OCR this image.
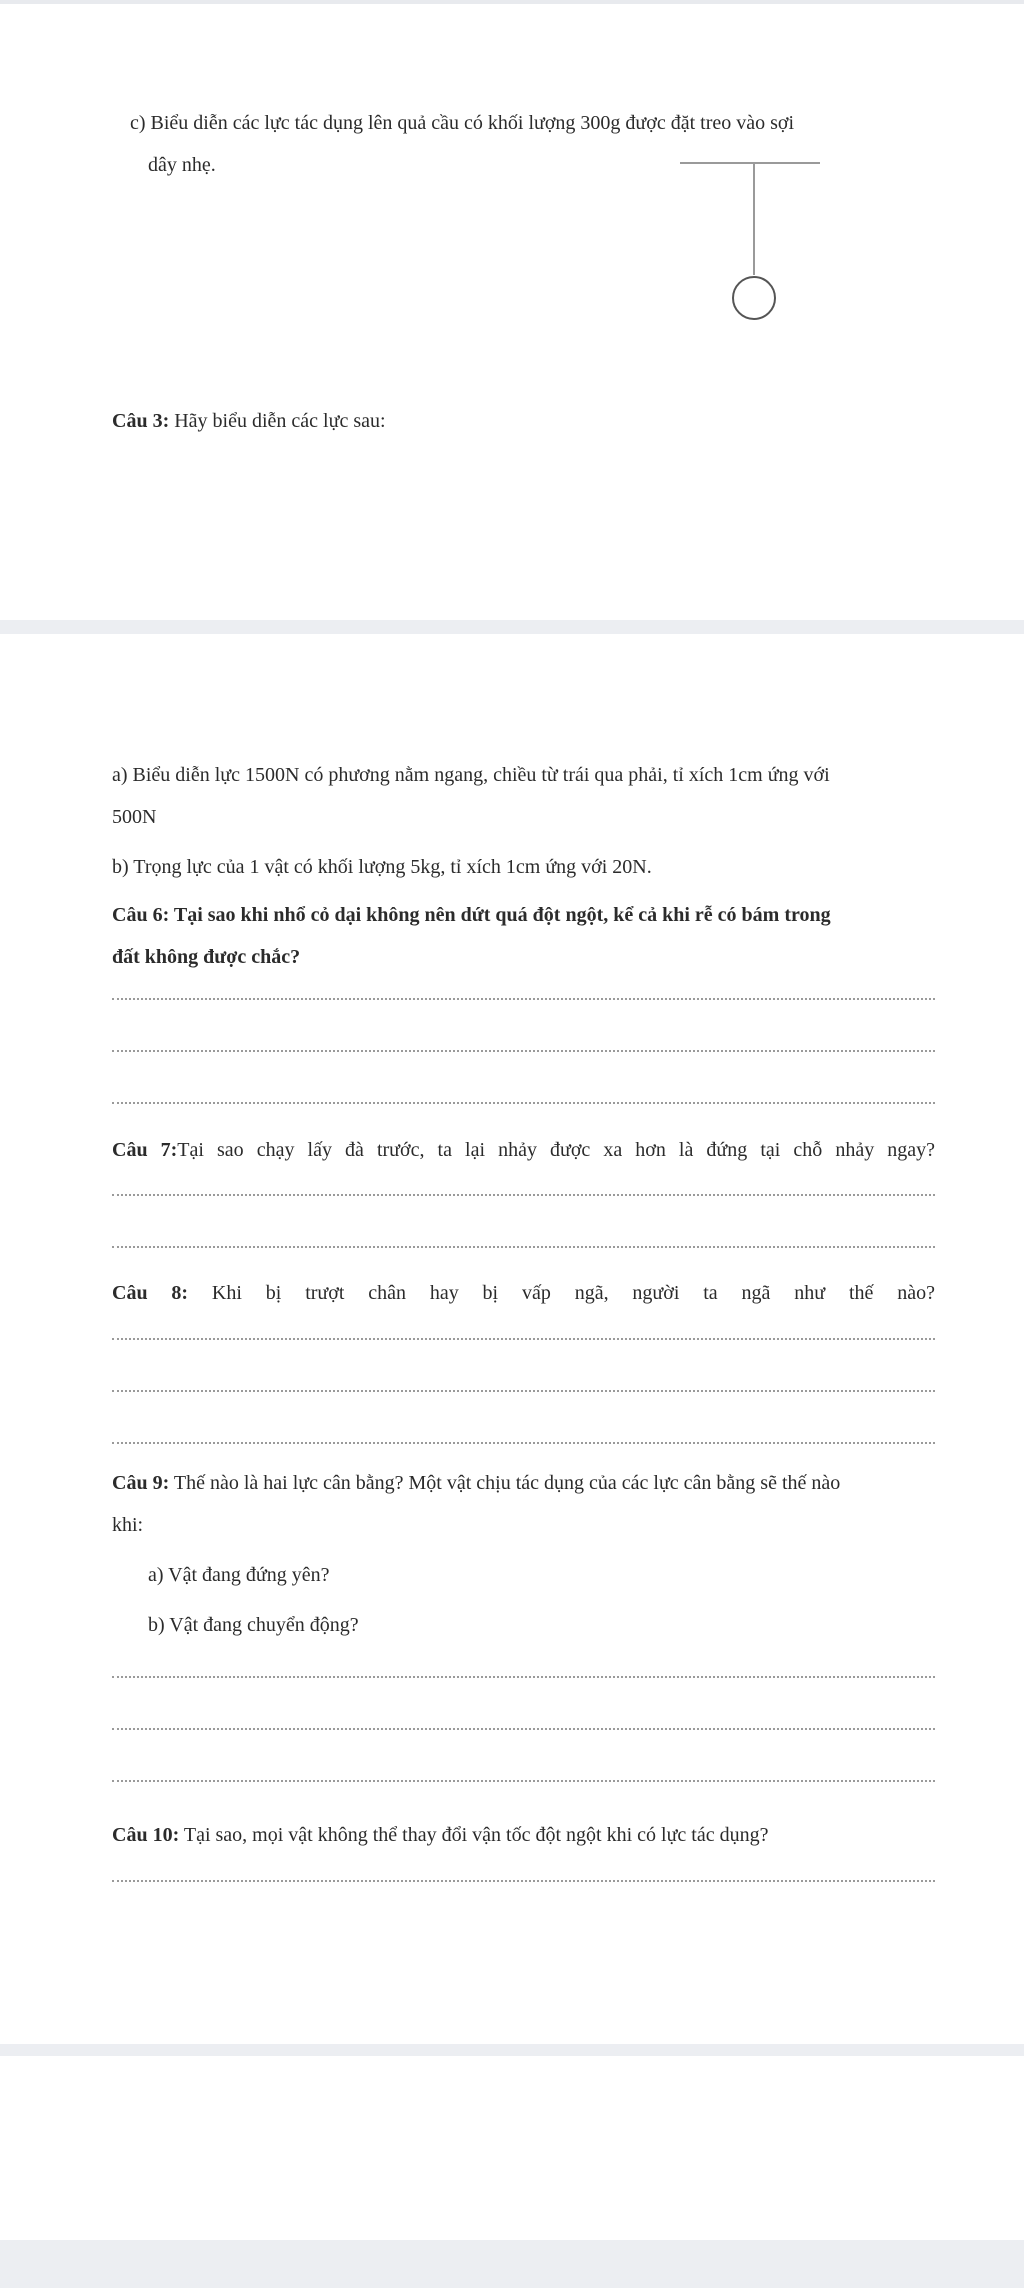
c) Biểu diễn các lực tác dụng lên quả cầu có khối lượng 300g được đặt treo vào sợi
dây nhẹ.
Câu 3: Hãy biểu diễn các lực sau:
a) Biểu diễn lực 1500N có phương nằm ngang, chiều từ trái qua phải, tỉ xích 1cm ứng với
500N
b) Trọng lực của 1 vật có khối lượng 5kg, tỉ xích 1cm ứng với 20N.
Câu 6: Tại sao khi nhổ cỏ dại không nên dứt quá đột ngột, kể cả khi rễ có bám trong
đất không được chắc?
Câu 7:Tại sao chạy lấy đà trước, ta lại nhảy được xa hơn là đứng tại chỗ nhảy ngay?
Câu 8: Khi bị trượt chân hay bị vấp ngã, người ta ngã như thế nào?
Câu 9: Thế nào là hai lực cân bằng? Một vật chịu tác dụng của các lực cân bằng sẽ thế nào
khi:
a) Vật đang đứng yên?
b) Vật đang chuyển động?
Câu 10: Tại sao, mọi vật không thể thay đổi vận tốc đột ngột khi có lực tác dụng?
